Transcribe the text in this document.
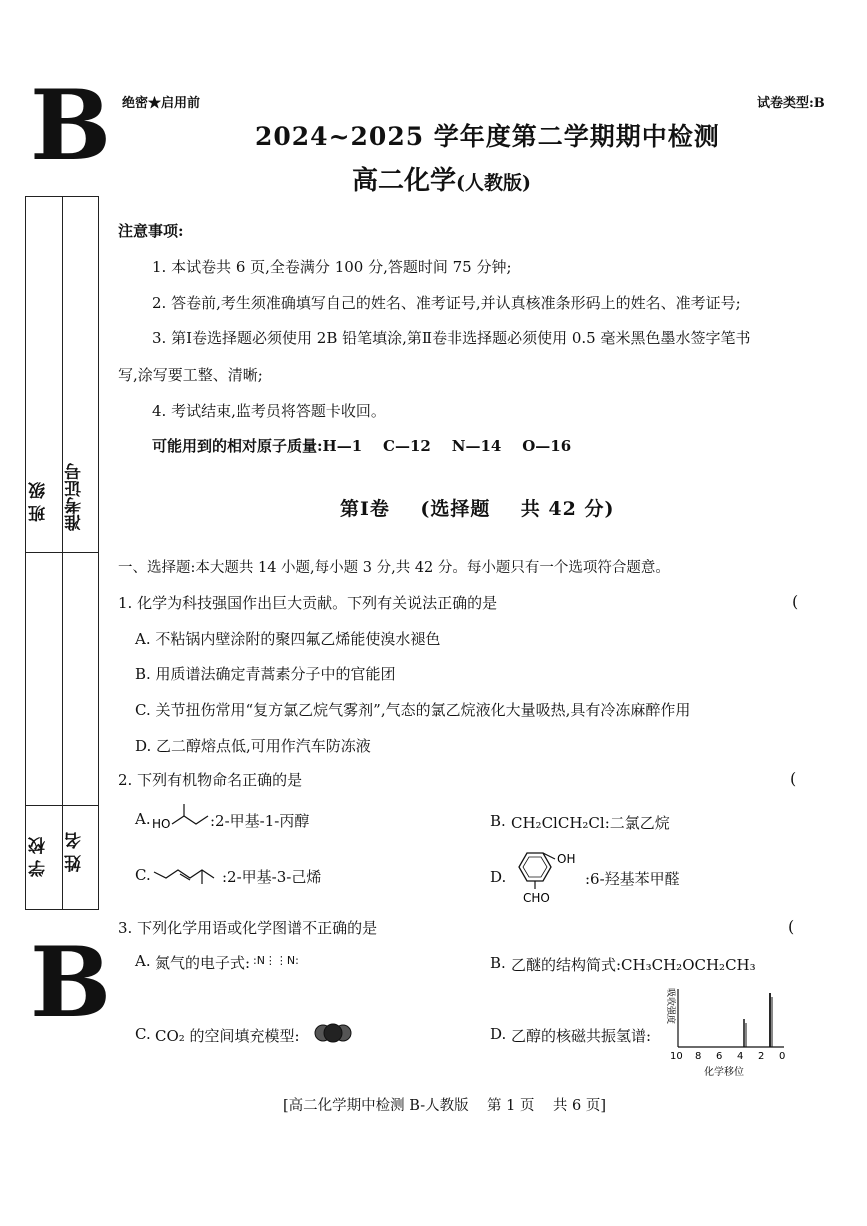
B
B
绝密★启用前	试卷类型:B
2024~2025 学年度第二学期期中检测
高二化学(人教版)
班 级 准考证号
学 校 姓 名
注意事项:
1. 本试卷共 6 页,全卷满分 100 分,答题时间 75 分钟;
2. 答卷前,考生须准确填写自己的姓名、准考证号,并认真核准条形码上的姓名、准考证号;
3. 第Ⅰ卷选择题必须使用 2B 铅笔填涂,第Ⅱ卷非选择题必须使用 0.5 毫米黑色墨水签字笔书
写,涂写要工整、清晰;
4. 考试结束,监考员将答题卡收回。
可能用到的相对原子质量:H—1    C—12    N—14    O—16
第Ⅰ卷    (选择题    共 42 分)
一、选择题:本大题共 14 小题,每小题 3 分,共 42 分。每小题只有一个选项符合题意。
1. 化学为科技强国作出巨大贡献。下列有关说法正确的是	(
A. 不粘锅内壁涂附的聚四氟乙烯能使溴水褪色
B. 用质谱法确定青蒿素分子中的官能团
C. 关节扭伤常用“复方氯乙烷气雾剂”,气态的氯乙烷液化大量吸热,具有冷冻麻醉作用
D. 乙二醇熔点低,可用作汽车防冻液
2. 下列有机物命名正确的是	(
A. HO	:2-甲基-1-丙醇	B. CH₂ClCH₂Cl:二氯乙烷
C.	:2-甲基-3-己烯	D.
OH
CHO
:6-羟基苯甲醛
3. 下列化学用语或化学图谱不正确的是	(
A. 氮气的电子式: :N⋮⋮N:	B. 乙醚的结构简式:CH₃CH₂OCH₂CH₃
C. CO₂ 的空间填充模型:	D. 乙醇的核磁共振氢谱:
吸收强度
10 8 6 4 2 0
化学移位
[高二化学期中检测 B-人教版    第 1 页    共 6 页]
